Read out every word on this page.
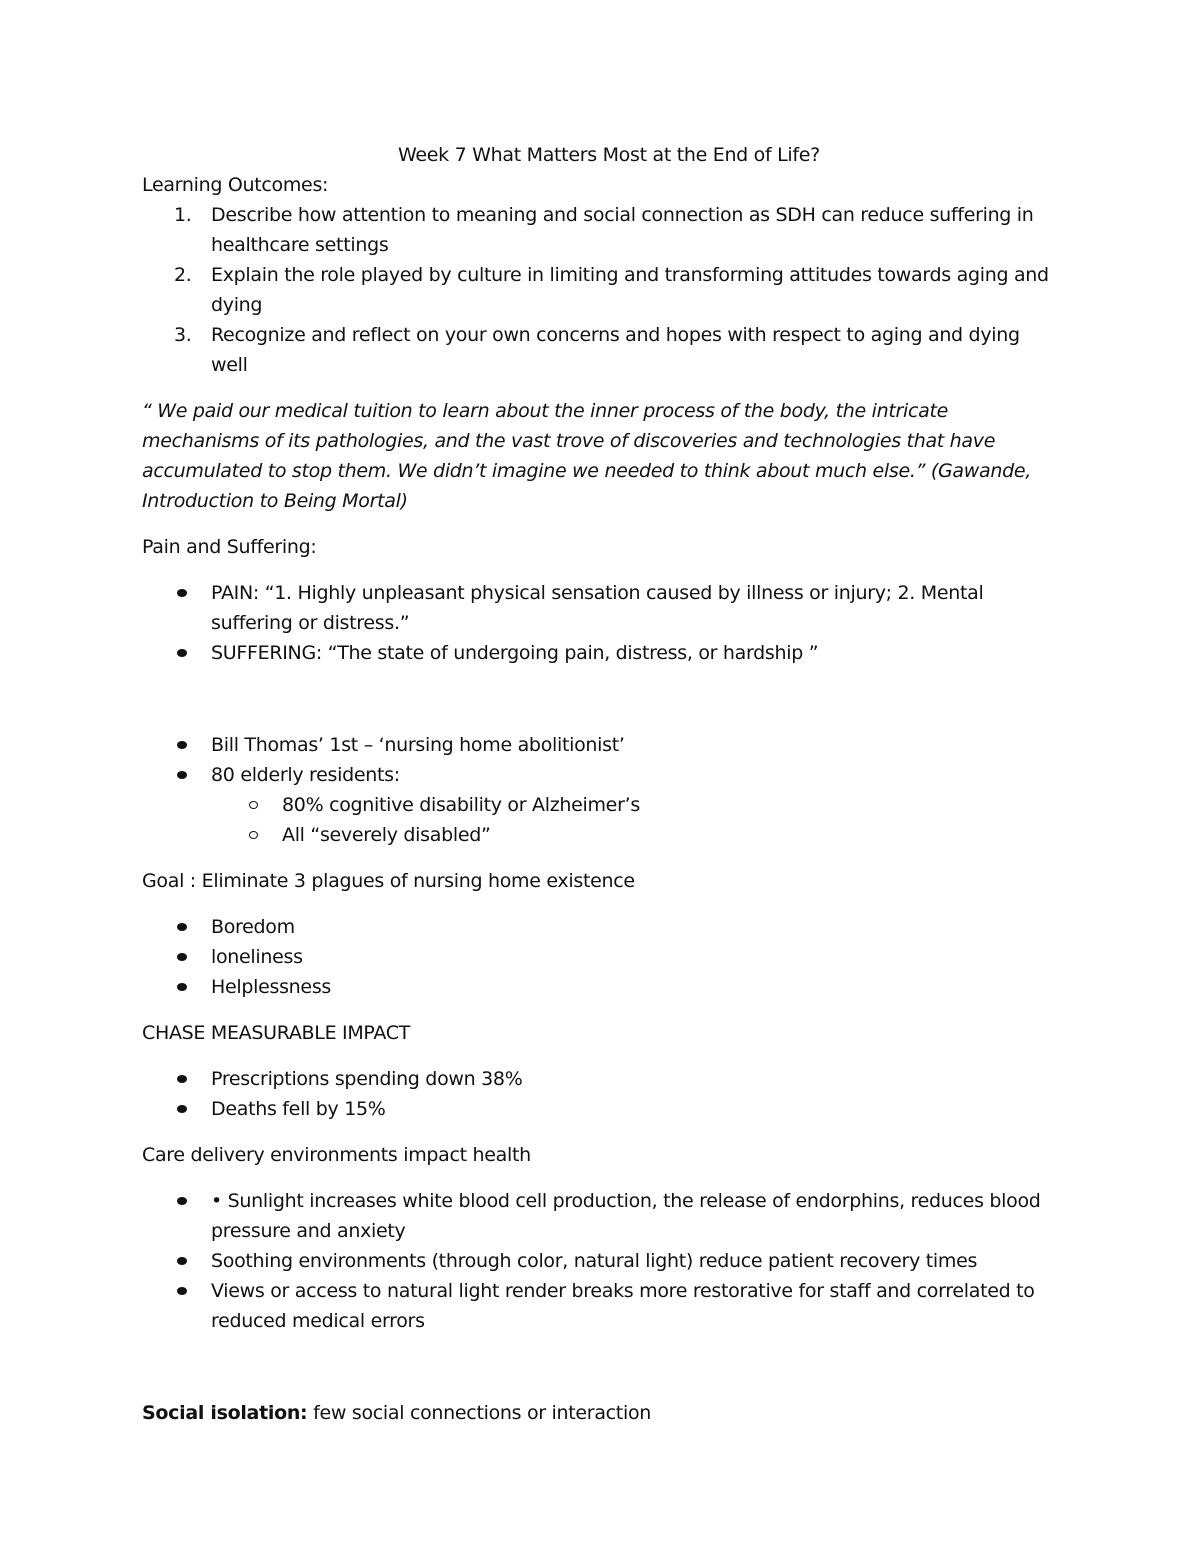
Week 7 What Matters Most at the End of Life?

Learning Outcomes:

1. Describe how attention to meaning and social connection as SDH can reduce suffering in healthcare settings
2. Explain the role played by culture in limiting and transforming attitudes towards aging and dying
3. Recognize and reflect on your own concerns and hopes with respect to aging and dying well

“ We paid our medical tuition to learn about the inner process of the body, the intricate mechanisms of its pathologies, and the vast trove of discoveries and technologies that have accumulated to stop them. We didn’t imagine we needed to think about much else.” (Gawande, Introduction to Being Mortal)

Pain and Suffering:

PAIN: “1. Highly unpleasant physical sensation caused by illness or injury; 2. Mental suffering or distress.”
SUFFERING: “The state of undergoing pain, distress, or hardship ”
Bill Thomas’ 1st – ‘nursing home abolitionist’
80 elderly residents:
80% cognitive disability or Alzheimer’s
All “severely disabled”

Goal : Eliminate 3 plagues of nursing home existence

Boredom
loneliness
Helplessness

CHASE MEASURABLE IMPACT

Prescriptions spending down 38%
Deaths fell by 15%

Care delivery environments impact health

• Sunlight increases white blood cell production, the release of endorphins, reduces blood pressure and anxiety
Soothing environments (through color, natural light) reduce patient recovery times
Views or access to natural light render breaks more restorative for staff and correlated to reduced medical errors

Social isolation: few social connections or interaction
